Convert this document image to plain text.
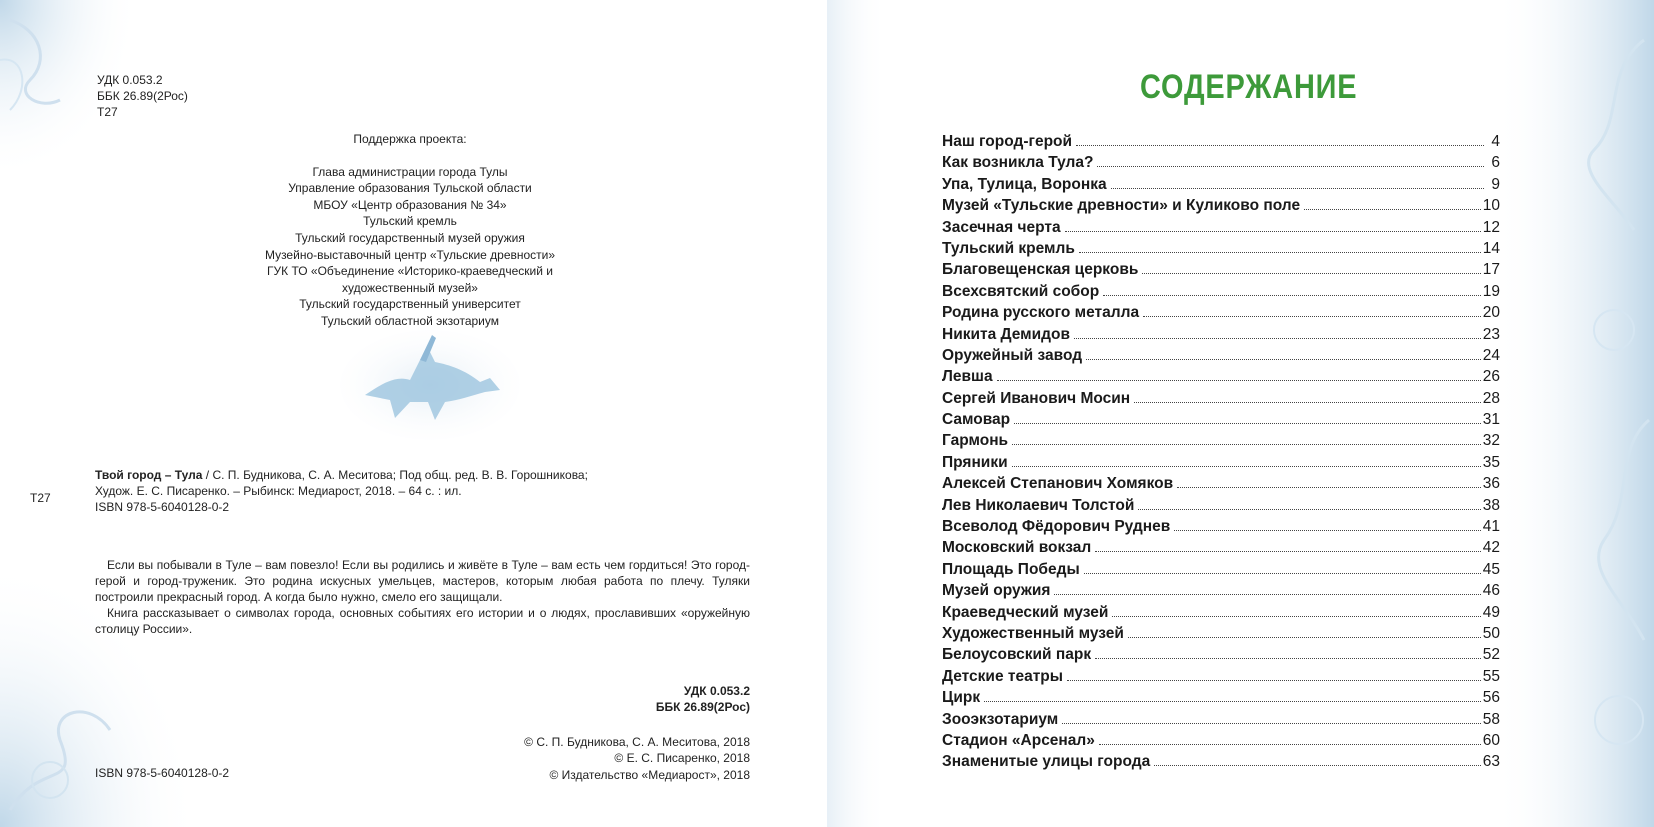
УДК 0.053.2
ББК 26.89(2Рос)
Т27
Поддержка проекта:
Глава администрации города Тулы
Управление образования Тульской области
МБОУ «Центр образования № 34»
Тульский кремль
Тульский государственный музей оружия
Музейно-выставочный центр «Тульские древности»
ГУК ТО «Объединение «Историко-краеведческий и художественный музей»
Тульский государственный университет
Тульский областной экзотариум
Т27
Твой город – Тула / С. П. Будникова, С. А. Меситова; Под общ. ред. В. В. Горошникова;
Худож. Е. С. Писаренко. – Рыбинск: Медиарост, 2018. – 64 с. : ил.
ISBN 978-5-6040128-0-2

Если вы побывали в Туле – вам повезло! Если вы родились и живёте в Туле – вам есть чем гордиться! Это город-герой и город-труженик. Это родина искусных умельцев, мастеров, которым любая работа по плечу. Туляки построили прекрасный город. А когда было нужно, смело его защищали.

Книга рассказывает о символах города, основных событиях его истории и о людях, прославивших «оружейную столицу России».

УДК 0.053.2
ББК 26.89(2Рос)
© С. П. Будникова, С. А. Меситова, 2018
© Е. С. Писаренко, 2018
© Издательство «Медиарост», 2018
ISBN 978-5-6040128-0-2
СОДЕРЖАНИЕ
Наш город-герой	4
Как возникла Тула?	6
Упа, Тулица, Воронка	9
Музей «Тульские древности» и Куликово поле	10
Засечная черта	12
Тульский кремль	14
Благовещенская церковь	17
Всехсвятский собор	19
Родина русского металла	20
Никита Демидов	23
Оружейный завод	24
Левша	26
Сергей Иванович Мосин	28
Самовар	31
Гармонь	32
Пряники	35
Алексей Степанович Хомяков	36
Лев Николаевич Толстой	38
Всеволод Фёдорович Руднев	41
Московский вокзал	42
Площадь Победы	45
Музей оружия	46
Краеведческий музей	49
Художественный музей	50
Белоусовский парк	52
Детские театры	55
Цирк	56
Зооэкзотариум	58
Стадион «Арсенал»	60
Знаменитые улицы города	63
